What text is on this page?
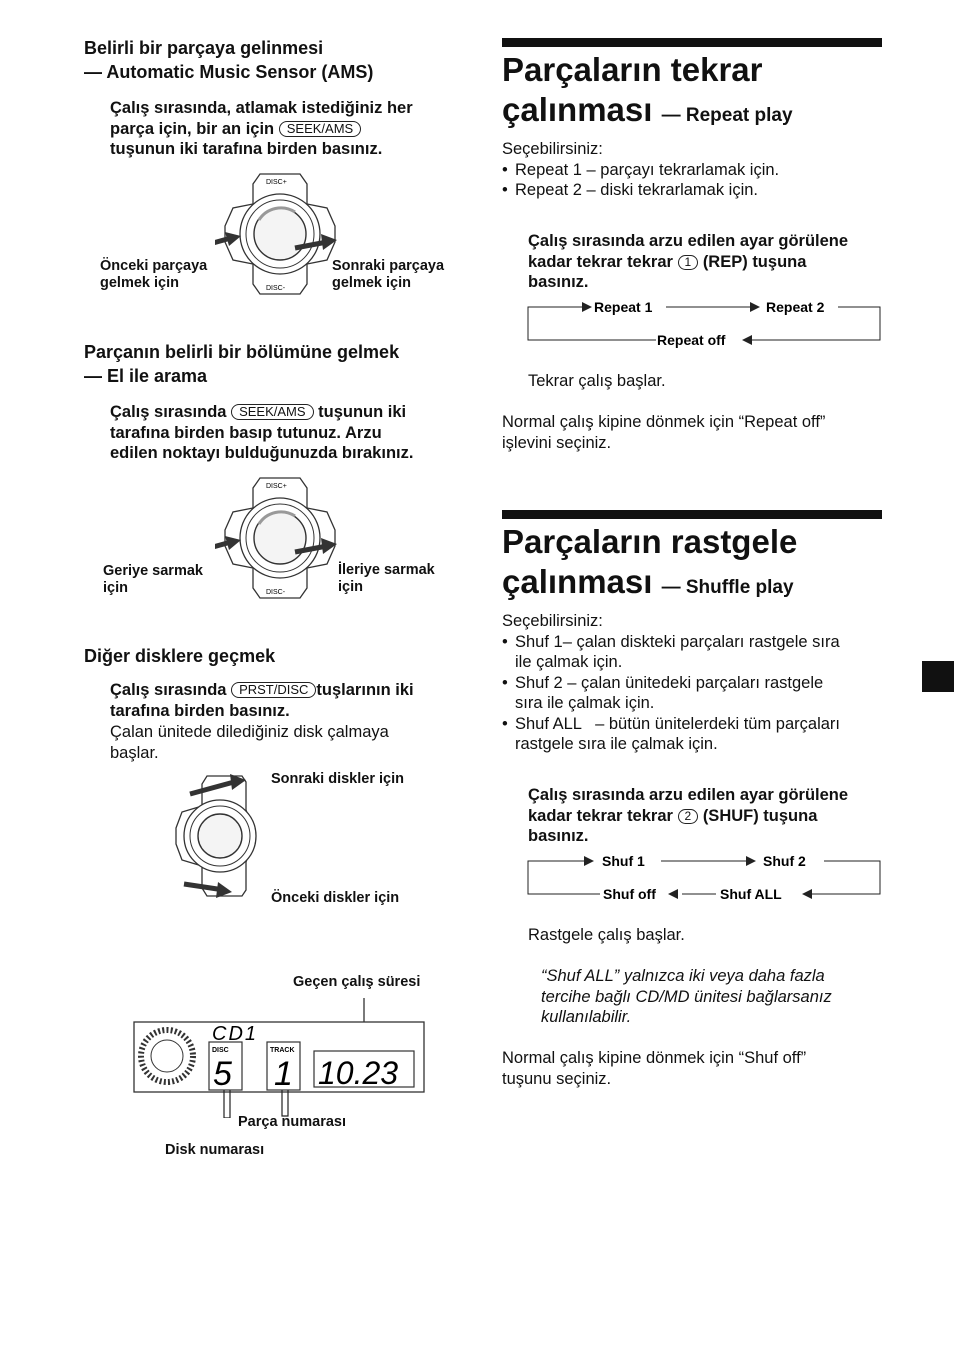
Belirli bir parçaya gelinmesi
— Automatic Music Sensor (AMS)
Çalış sırasında, atlamak istediğiniz her
parça için, bir an için SEEK/AMS
tuşunun iki tarafına birden basınız.
DISC+
DISC-
Önceki parçaya
gelmek için
Sonraki parçaya
gelmek için
Parçanın belirli bir bölümüne gelmek
— El ile arama
Çalış sırasında SEEK/AMS tuşunun iki
tarafına birden basıp tutunuz. Arzu
edilen noktayı bulduğunuzda bırakınız.
DISC+
DISC-
Geriye sarmak
için
İleriye sarmak
için
Diğer disklere geçmek
Çalış sırasında PRST/DISC tuşlarının iki
tarafına birden basınız.
Çalan ünitede dilediğiniz disk çalmaya
başlar.
Sonraki diskler için
Önceki diskler için
Geçen çalış süresi
CD1
DISC
5
TRACK
1 10.23
Parça numarası
Disk numarası
Parçaların tekrar
çalınması — Repeat play
Seçebilirsiniz:
• Repeat 1 – parçayı tekrarlamak için.
• Repeat 2 – diski tekrarlamak için.
Çalış sırasında arzu edilen ayar görülene
kadar tekrar tekrar 1 (REP) tuşuna
basınız.
Repeat 1	Repeat 2
Repeat off
Tekrar çalış başlar.
Normal çalış kipine dönmek için “Repeat off”
işlevini seçiniz.
Parçaların rastgele
çalınması — Shuffle play
Seçebilirsiniz:
• Shuf 1– çalan diskteki parçaları rastgele sıra
ile çalmak için.
• Shuf 2 – çalan ünitedeki parçaları rastgele
sıra ile çalmak için.
• Shuf ALL   – bütün ünitelerdeki tüm parçaları
rastgele sıra ile çalmak için.
Çalış sırasında arzu edilen ayar görülene
kadar tekrar tekrar 2 (SHUF) tuşuna
basınız.
Shuf 1	Shuf 2
Shuf ALL
Shuf off
Rastgele çalış başlar.
“Shuf ALL” yalnızca iki veya daha fazla
tercihe bağlı CD/MD ünitesi bağlarsanız
kullanılabilir.
Normal çalış kipine dönmek için “Shuf off”
tuşunu seçiniz.
